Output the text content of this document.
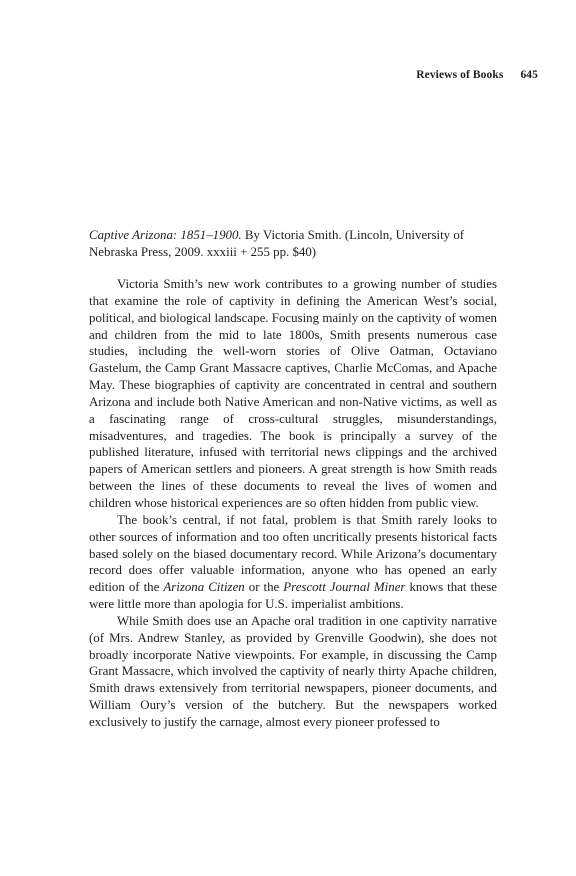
Reviews of Books 645
Captive Arizona: 1851–1900. By Victoria Smith. (Lincoln, University of Nebraska Press, 2009. xxxiii + 255 pp. $40)

Victoria Smith’s new work contributes to a growing number of studies that examine the role of captivity in defining the American West’s social, political, and biological landscape. Focusing mainly on the captivity of women and children from the mid to late 1800s, Smith presents numerous case studies, including the well-worn stories of Olive Oatman, Octaviano Gastelum, the Camp Grant Massacre captives, Charlie McComas, and Apache May. These biographies of captivity are concentrated in central and southern Arizona and include both Native American and non-Native victims, as well as a fascinating range of cross-cultural struggles, misunderstandings, misadventures, and tragedies. The book is principally a survey of the published literature, infused with territorial news clippings and the archived papers of American settlers and pioneers. A great strength is how Smith reads between the lines of these documents to reveal the lives of women and children whose historical experiences are so often hidden from public view.

The book’s central, if not fatal, problem is that Smith rarely looks to other sources of information and too often uncritically presents historical facts based solely on the biased documentary record. While Arizona’s documentary record does offer valuable information, anyone who has opened an early edition of the Arizona Citizen or the Prescott Journal Miner knows that these were little more than apologia for U.S. imperialist ambitions.

While Smith does use an Apache oral tradition in one captivity narrative (of Mrs. Andrew Stanley, as provided by Grenville Goodwin), she does not broadly incorporate Native viewpoints. For example, in discussing the Camp Grant Massacre, which involved the captivity of nearly thirty Apache children, Smith draws extensively from territorial newspapers, pioneer documents, and William Oury’s version of the butchery. But the newspapers worked exclusively to justify the carnage, almost every pioneer professed to
